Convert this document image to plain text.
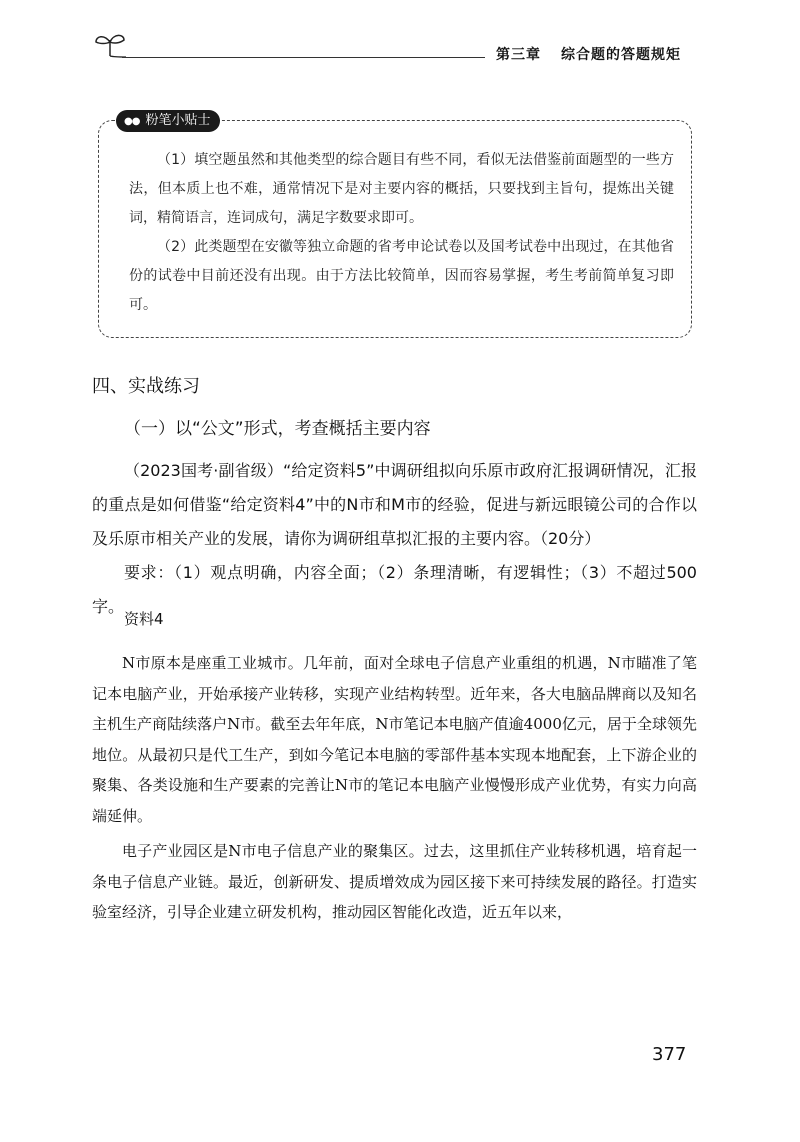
第三章 综合题的答题规矩
●● 粉笔小贴士

（1）填空题虽然和其他类型的综合题目有些不同，看似无法借鉴前面题型的一些方法，但本质上也不难，通常情况下是对主要内容的概括，只要找到主旨句，提炼出关键词，精简语言，连词成句，满足字数要求即可。

（2）此类题型在安徽等独立命题的省考申论试卷以及国考试卷中出现过，在其他省份的试卷中目前还没有出现。由于方法比较简单，因而容易掌握，考生考前简单复习即可。

四、实战练习
（一）以“公文”形式，考查概括主要内容

（2023国考·副省级）“给定资料5”中调研组拟向乐原市政府汇报调研情况，汇报的重点是如何借鉴“给定资料4”中的N市和M市的经验，促进与新远眼镜公司的合作以及乐原市相关产业的发展，请你为调研组草拟汇报的主要内容。（20分）

要求：（1）观点明确，内容全面；（2）条理清晰，有逻辑性；（3）不超过500字。

资料4

N市原本是座重工业城市。几年前，面对全球电子信息产业重组的机遇，N市瞄准了笔记本电脑产业，开始承接产业转移，实现产业结构转型。近年来，各大电脑品牌商以及知名主机生产商陆续落户N市。截至去年年底，N市笔记本电脑产值逾4000亿元，居于全球领先地位。从最初只是代工生产，到如今笔记本电脑的零部件基本实现本地配套，上下游企业的聚集、各类设施和生产要素的完善让N市的笔记本电脑产业慢慢形成产业优势，有实力向高端延伸。

电子产业园区是N市电子信息产业的聚集区。过去，这里抓住产业转移机遇，培育起一条电子信息产业链。最近，创新研发、提质增效成为园区接下来可持续发展的路径。打造实验室经济，引导企业建立研发机构，推动园区智能化改造，近五年以来，

377
